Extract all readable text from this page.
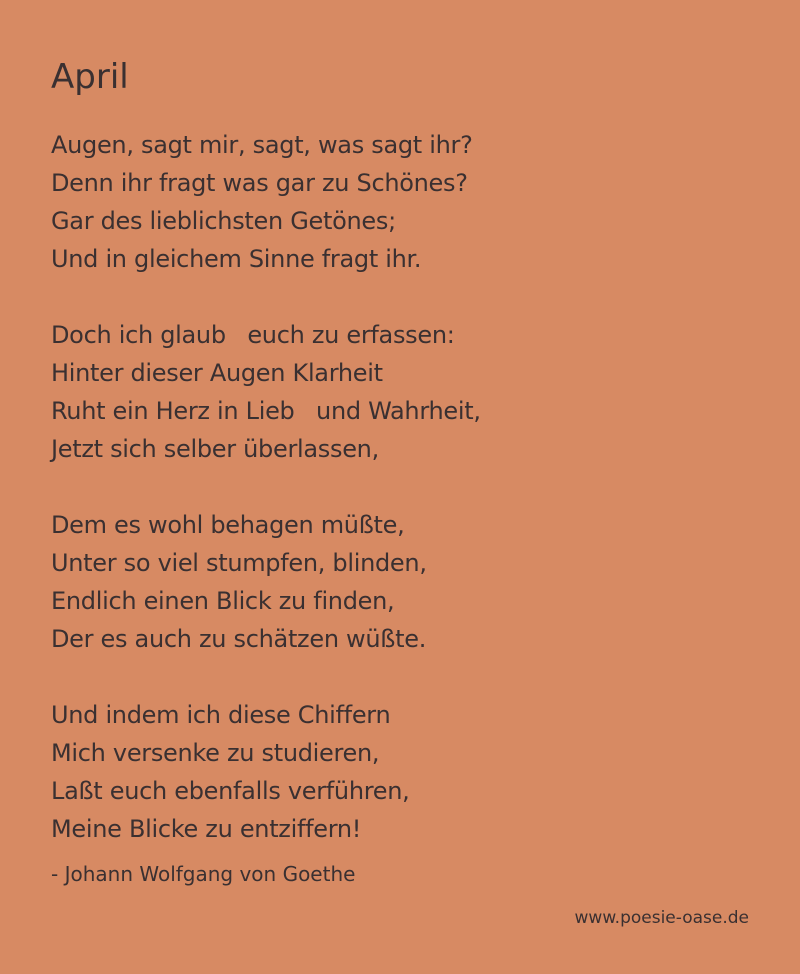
April
Augen, sagt mir, sagt, was sagt ihr?
Denn ihr fragt was gar zu Schönes?
Gar des lieblichsten Getönes;
Und in gleichem Sinne fragt ihr.
Doch ich glaub euch zu erfassen:
Hinter dieser Augen Klarheit
Ruht ein Herz in Lieb und Wahrheit,
Jetzt sich selber überlassen,
Dem es wohl behagen müßte,
Unter so viel stumpfen, blinden,
Endlich einen Blick zu finden,
Der es auch zu schätzen wüßte.
Und indem ich diese Chiffern
Mich versenke zu studieren,
Laßt euch ebenfalls verführen,
Meine Blicke zu entziffern!
- Johann Wolfgang von Goethe
www.poesie-oase.de
